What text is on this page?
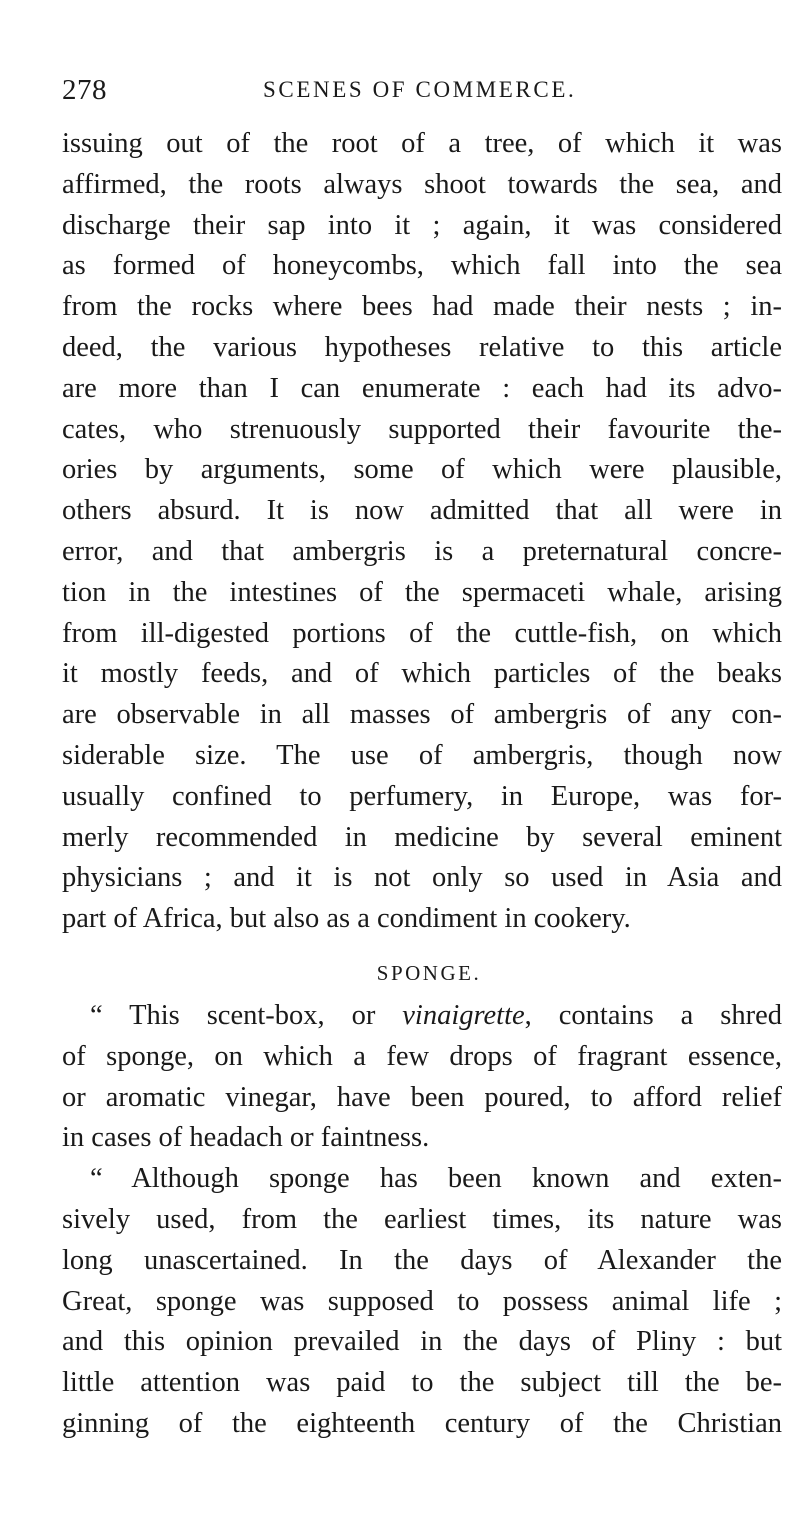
278	SCENES OF COMMERCE.
issuing out of the root of a tree, of which it was
affirmed, the roots always shoot towards the sea, and
discharge their sap into it ; again, it was considered
as formed of honeycombs, which fall into the sea
from the rocks where bees had made their nests ; in-
deed, the various hypotheses relative to this article
are more than I can enumerate : each had its advo-
cates, who strenuously supported their favourite the-
ories by arguments, some of which were plausible,
others absurd. It is now admitted that all were in
error, and that ambergris is a preternatural concre-
tion in the intestines of the spermaceti whale, arising
from ill-digested portions of the cuttle-fish, on which
it mostly feeds, and of which particles of the beaks
are observable in all masses of ambergris of any con-
siderable size. The use of ambergris, though now
usually confined to perfumery, in Europe, was for-
merly recommended in medicine by several eminent
physicians ; and it is not only so used in Asia and
part of Africa, but also as a condiment in cookery.
SPONGE.
“ This scent-box, or vinaigrette, contains a shred
of sponge, on which a few drops of fragrant essence,
or aromatic vinegar, have been poured, to afford relief
in cases of headach or faintness.
“ Although sponge has been known and exten-
sively used, from the earliest times, its nature was
long unascertained. In the days of Alexander the
Great, sponge was supposed to possess animal life ;
and this opinion prevailed in the days of Pliny : but
little attention was paid to the subject till the be-
ginning of the eighteenth century of the Christian
